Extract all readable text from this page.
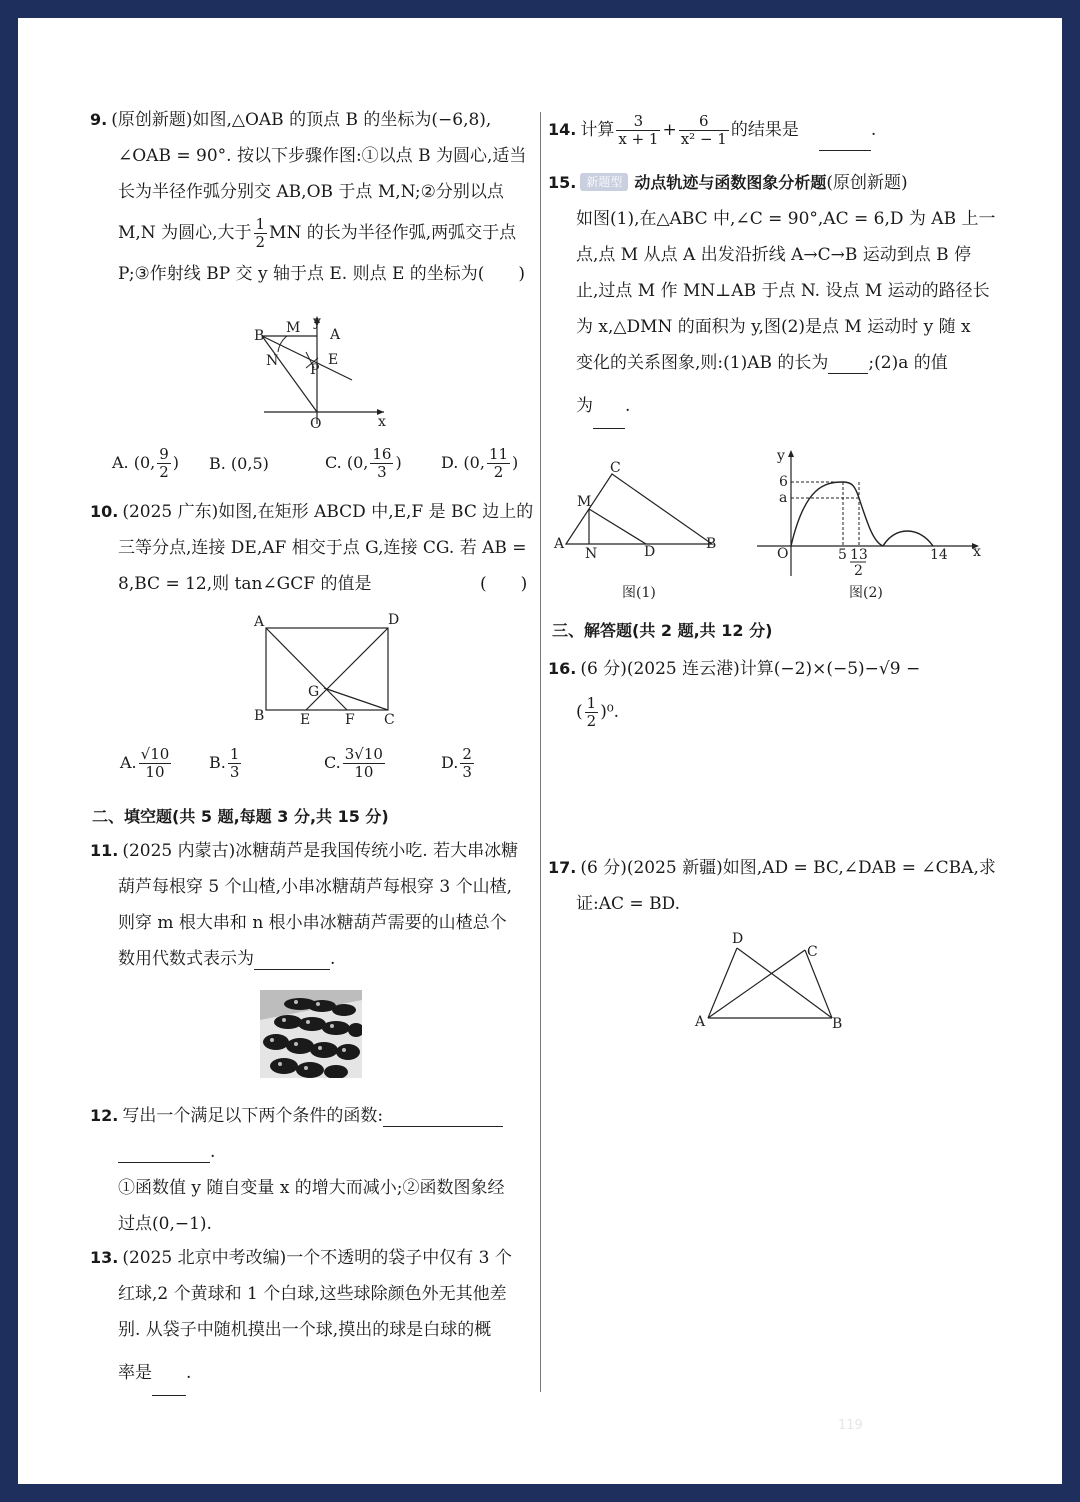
9. (原创新题)如图,△OAB 的顶点 B 的坐标为(−6,8),
∠OAB = 90°. 按以下步骤作图:①以点 B 为圆心,适当
长为半径作弧分别交 AB,OB 于点 M,N;②分别以点
M,N 为圆心,大于 $\frac{1}{2}$ MN 的长为半径作弧,两弧交于点
P;③作射线 BP 交 y 轴于点 E. 则点 E 的坐标为(　　)
B M y
A
N	E
P
O	x
A. (0, $\frac{9}{2}$ ) B. (0,5)	C. (0, $\frac{16}{3}$ ) D. (0, $\frac{11}{2}$ )
10. (2025 广东)如图,在矩形 ABCD 中,E,F 是 BC 边上的
三等分点,连接 DE,AF 相交于点 G,连接 CG. 若 AB =
8,BC = 12,则 tan∠GCF 的值是	(　　)
A	D
G
B	E F C
A. $\frac{√10}{10} B$. $\frac{1}{3}$	C. $\frac{3√10}{10}$	D. $\frac{2}{3}$
二、填空题(共 5 题,每题 3 分,共 15 分)
11. (2025 内蒙古)冰糖葫芦是我国传统小吃. 若大串冰糖
葫芦每根穿 5 个山楂,小串冰糖葫芦每根穿 3 个山楂,
则穿 m 根大串和 n 根小串冰糖葫芦需要的山楂总个
数用代数式表示为	.
12. 写出一个满足以下两个条件的函数:
.
①函数值 y 随自变量 x 的增大而减小;②函数图象经
过点(0,−1).
13. (2025 北京中考改编)一个不透明的袋子中仅有 3 个
红球,2 个黄球和 1 个白球,这些球除颜色外无其他差
别. 从袋子中随机摸出一个球,摸出的球是白球的概
率是 .
14. 计算 $\frac{3}{x + 1} + \frac{6}{\text{x² − 1}}$ 的结果是	.
15. 新题型 动点轨迹与函数图象分析题(原创新题)
如图(1),在△ABC 中,∠C = 90°,AC = 6,D 为 AB 上一
点,点 M 从点 A 出发沿折线 A→C→B 运动到点 B 停
止,过点 M 作 MN⊥AB 于点 N. 设点 M 运动的路径长
为 x,△DMN 的面积为 y,图(2)是点 M 运动时 y 随 x
变化的关系图象,则:(1)AB 的长为 ;(2)a 的值
为 .
C
M
A
N	D	B
图(1)
y
6
a
O	5 13
2
14 x
图(2)
三、解答题(共 2 题,共 12 分)
16. (6 分)(2025 连云港)计算(−2)×(−5)−√9 −
( $\frac{1}{2} )^0$.
17. (6 分)(2025 新疆)如图,AD = BC,∠DAB = ∠CBA,求
证:AC = BD.
D
C
A	B
119
